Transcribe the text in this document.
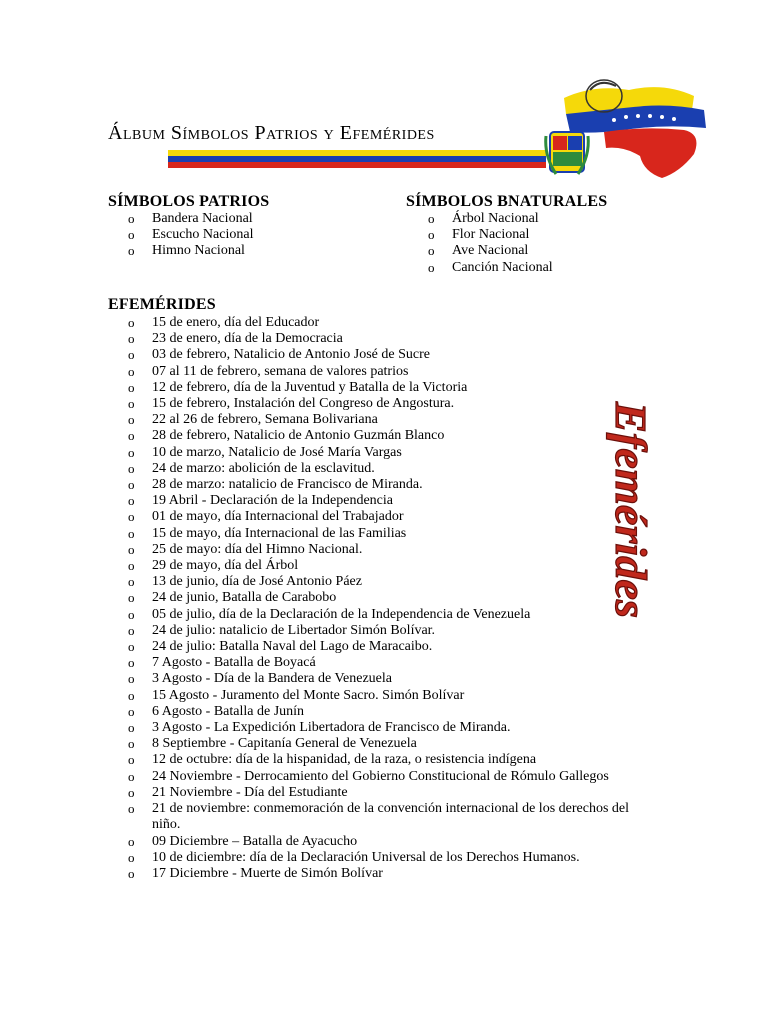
Álbum Símbolos Patrios y Efemérides
SÍMBOLOS PATRIOS
o	Bandera Nacional
o	Escucho Nacional
o	Himno Nacional
SÍMBOLOS BNATURALES
o	Árbol Nacional
o	Flor Nacional
o	Ave Nacional
o	Canción Nacional
EFEMÉRIDES
o	15 de enero, día del Educador
o	23 de enero, día de la Democracia
o	03 de febrero, Natalicio de Antonio José de Sucre
o	07 al 11 de febrero, semana de valores patrios
o	12 de febrero, día de la Juventud y Batalla de la Victoria
o	15 de febrero, Instalación del Congreso de Angostura.
o	22 al 26 de febrero, Semana Bolivariana
o	28 de febrero, Natalicio de Antonio Guzmán Blanco
o	10 de marzo, Natalicio de José María Vargas
o	24 de marzo: abolición de la esclavitud.
o	28 de marzo: natalicio de Francisco de Miranda.
o	19 Abril - Declaración de la Independencia
o	01 de mayo, día Internacional del Trabajador
o	15 de mayo, día Internacional de las Familias
o	25 de mayo: día del Himno Nacional.
o	29 de mayo, día del Árbol
o	13 de junio, día de José Antonio Páez
o	24 de junio, Batalla de Carabobo
o	05 de julio, día de la Declaración de la Independencia de Venezuela
o	24 de julio: natalicio de Libertador Simón Bolívar.
o	24 de julio: Batalla Naval del Lago de Maracaibo.
o	7 Agosto - Batalla de Boyacá
o	3 Agosto - Día de la Bandera de Venezuela
o	15 Agosto - Juramento del Monte Sacro. Simón Bolívar
o	6 Agosto - Batalla de Junín
o	3 Agosto - La Expedición Libertadora de Francisco de Miranda.
o	8 Septiembre - Capitanía General de Venezuela
o	12 de octubre: día de la hispanidad, de la raza, o resistencia indígena
o	24 Noviembre - Derrocamiento del Gobierno Constitucional de Rómulo Gallegos
o	21 Noviembre - Día del Estudiante
o	21 de noviembre: conmemoración de la convención internacional de los derechos del niño.
o	09 Diciembre – Batalla de Ayacucho
o	10 de diciembre: día de la Declaración Universal de los Derechos Humanos.
o	17 Diciembre - Muerte de Simón Bolívar
Efemérides
